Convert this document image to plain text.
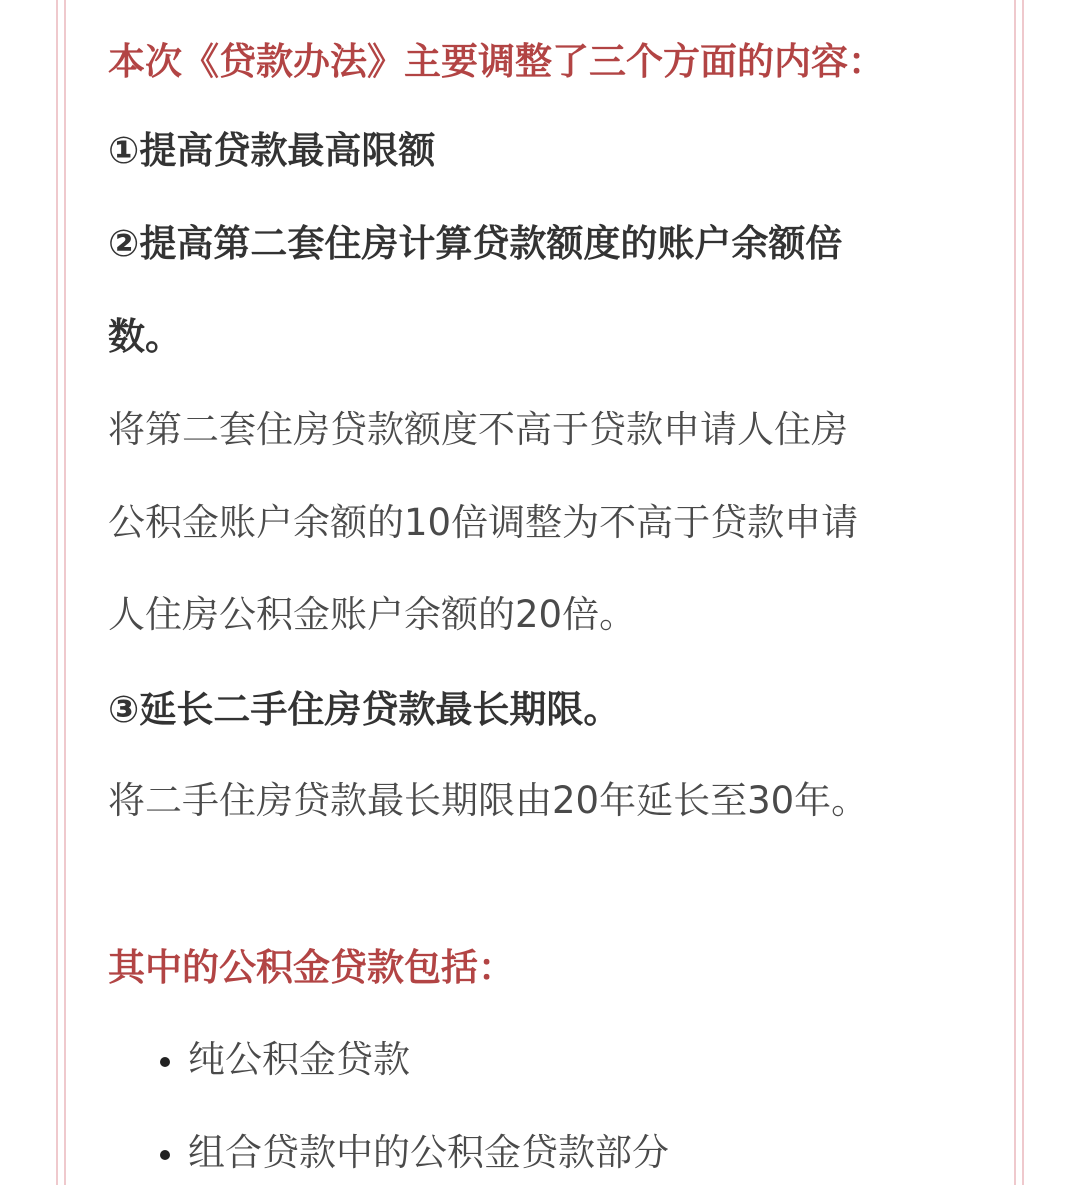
本次《贷款办法》主要调整了三个方面的内容：
①提高贷款最高限额
②提高第二套住房计算贷款额度的账户余额倍
数。
将第二套住房贷款额度不高于贷款申请人住房
公积金账户余额的10倍调整为不高于贷款申请
人住房公积金账户余额的20倍。
③延长二手住房贷款最长期限。
将二手住房贷款最长期限由20年延长至30年。
其中的公积金贷款包括：
纯公积金贷款
组合贷款中的公积金贷款部分
